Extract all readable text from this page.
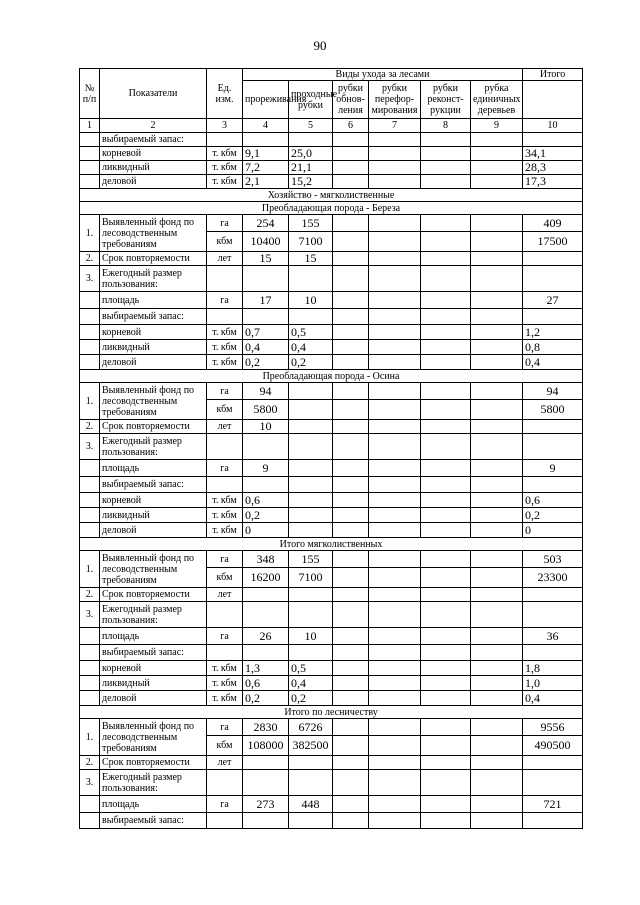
90
№ п/п	Показатели	Ед. изм.	Виды ухода за лесами						Итого
			прореживания	проходные рубки	рубки обнов-ления	рубки перефор-мирования	рубки реконст-рукции	рубка единичных деревьев	
1	2	3	4	5	6	7	8	9	10
	выбираемый запас:								
	корневой	т. кбм	9,1	25,0					34,1
	ликвидный	т. кбм	7,2	21,1					28,3
	деловой	т. кбм	2,1	15,2					17,3
Хозяйство - мягколиственные									
Преобладающая порода - Береза									
1.	Выявленный фонд по лесоводственным требованиям	га	254	155					409
		кбм	10400	7100					17500
2.	Срок повторяемости	лет	15	15					
3.	Ежегодный размер пользования:								
	площадь	га	17	10					27
	выбираемый запас:								
	корневой	т. кбм	0,7	0,5					1,2
	ликвидный	т. кбм	0,4	0,4					0,8
	деловой	т. кбм	0,2	0,2					0,4
Преобладающая порода - Осина									
1.	Выявленный фонд по лесоводственным требованиям	га	94						94
		кбм	5800						5800
2.	Срок повторяемости	лет	10						
3.	Ежегодный размер пользования:								
	площадь	га	9						9
	выбираемый запас:								
	корневой	т. кбм	0,6						0,6
	ликвидный	т. кбм	0,2						0,2
	деловой	т. кбм	0						0
Итого мягколиственных									
1.	Выявленный фонд по лесоводственным требованиям	га	348	155					503
		кбм	16200	7100					23300
2.	Срок повторяемости	лет							
3.	Ежегодный размер пользования:								
	площадь	га	26	10					36
	выбираемый запас:								
	корневой	т. кбм	1,3	0,5					1,8
	ликвидный	т. кбм	0,6	0,4					1,0
	деловой	т. кбм	0,2	0,2					0,4
Итого по лесничеству									
1.	Выявленный фонд по лесоводственным требованиям	га	2830	6726					9556
		кбм	108000	382500					490500
2.	Срок повторяемости	лет							
3.	Ежегодный размер пользования:								
	площадь	га	273	448					721
	выбираемый запас:								
